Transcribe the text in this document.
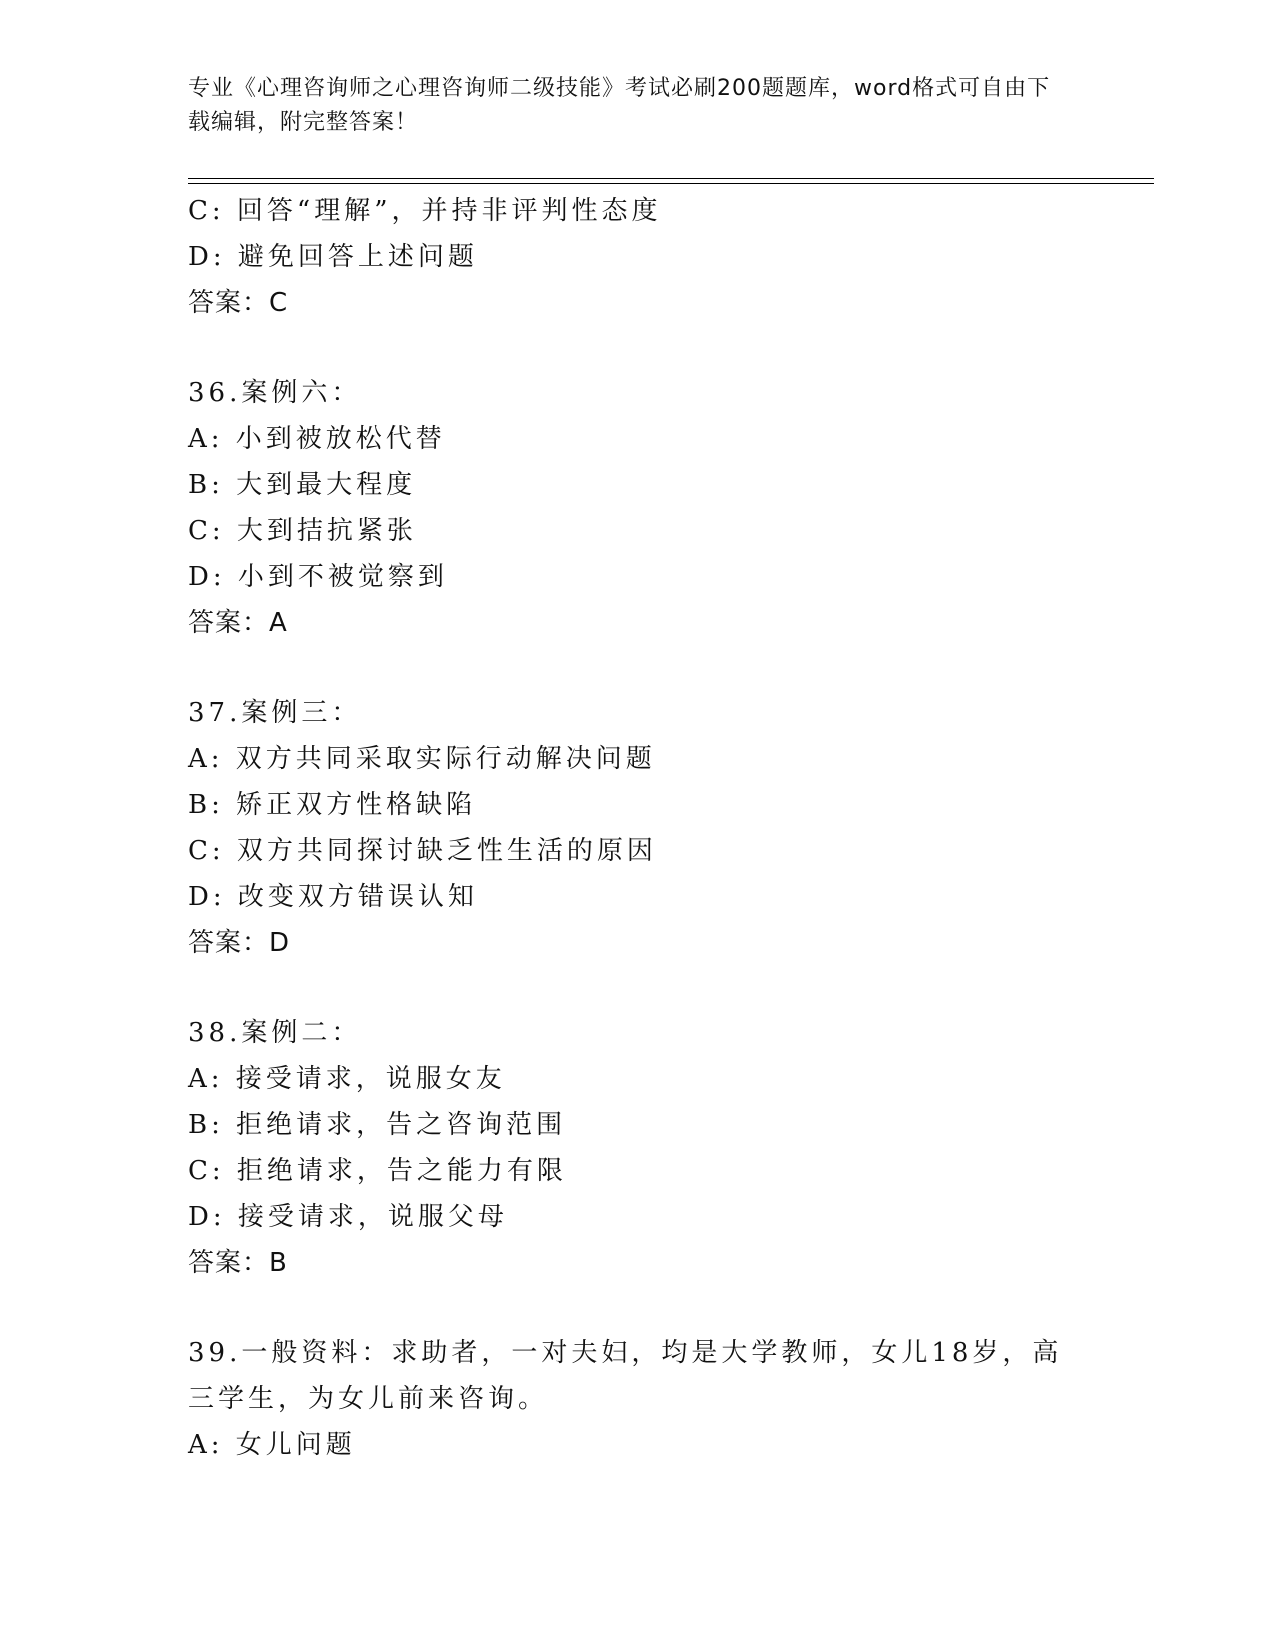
专业《心理咨询师之心理咨询师二级技能》考试必刷200题题库，word格式可自由下载编辑，附完整答案！
C: 回答“理解”，并持非评判性态度
D: 避免回答上述问题
答案：C
36.案例六：
A: 小到被放松代替
B: 大到最大程度
C: 大到拮抗紧张
D: 小到不被觉察到
答案：A
37.案例三：
A: 双方共同采取实际行动解决问题
B: 矫正双方性格缺陷
C: 双方共同探讨缺乏性生活的原因
D: 改变双方错误认知
答案：D
38.案例二：
A: 接受请求，说服女友
B: 拒绝请求，告之咨询范围
C: 拒绝请求，告之能力有限
D: 接受请求，说服父母
答案：B
39.一般资料：求助者，一对夫妇，均是大学教师，女儿18岁，高三学生，为女儿前来咨询。
A: 女儿问题
